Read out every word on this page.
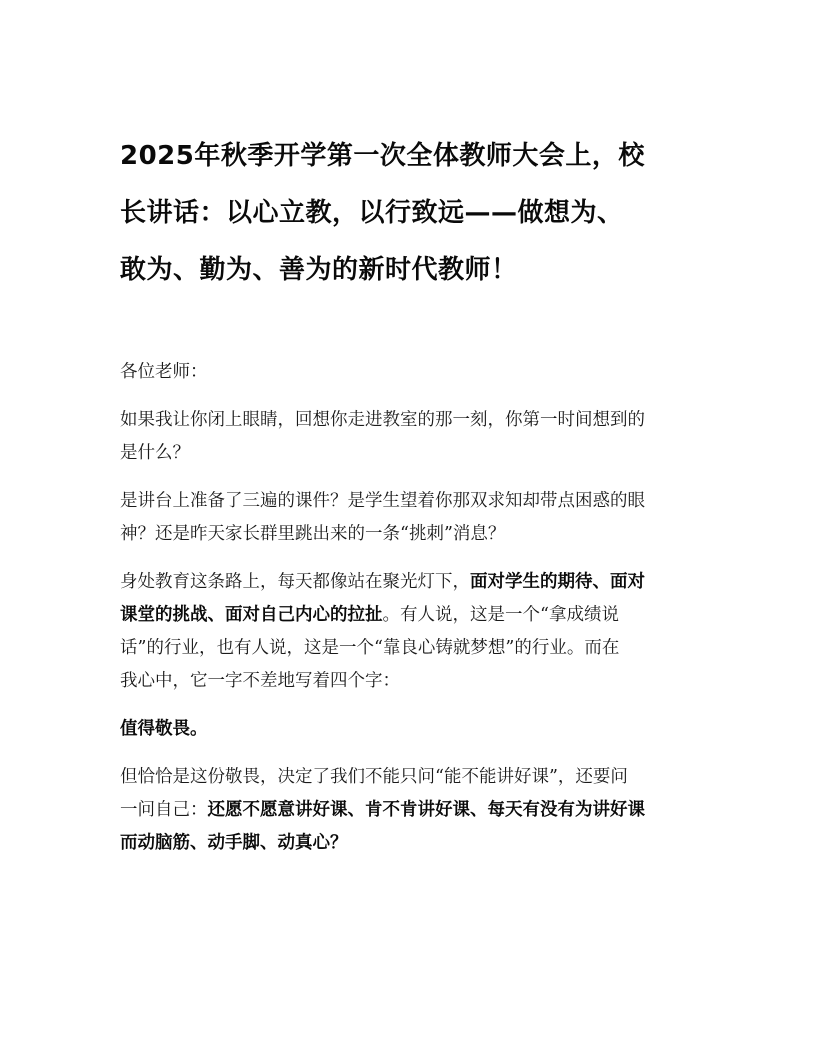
2025年秋季开学第一次全体教师大会上，校
长讲话：以心立教，以行致远——做想为、
敢为、勤为、善为的新时代教师！

各位老师：

如果我让你闭上眼睛，回想你走进教室的那一刻，你第一时间想到的
是什么？

是讲台上准备了三遍的课件？是学生望着你那双求知却带点困惑的眼
神？还是昨天家长群里跳出来的一条“挑刺”消息？

身处教育这条路上，每天都像站在聚光灯下，面对学生的期待、面对
课堂的挑战、面对自己内心的拉扯。有人说，这是一个“拿成绩说
话”的行业，也有人说，这是一个“靠良心铸就梦想”的行业。而在
我心中，它一字不差地写着四个字：

值得敬畏。

但恰恰是这份敬畏，决定了我们不能只问“能不能讲好课”，还要问
一问自己：还愿不愿意讲好课、肯不肯讲好课、每天有没有为讲好课
而动脑筋、动手脚、动真心？
